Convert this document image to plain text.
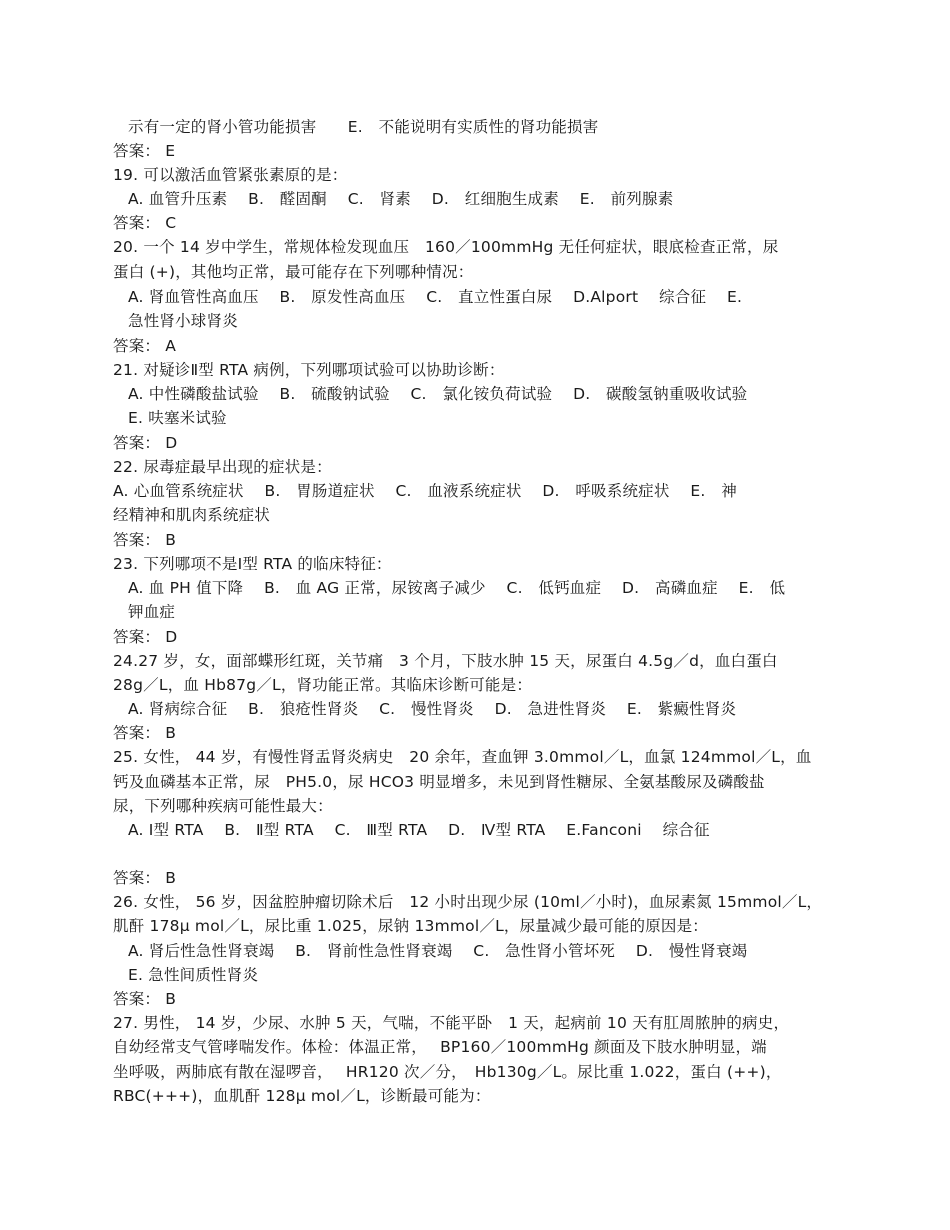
示有一定的肾小管功能损害　　E.　不能说明有实质性的肾功能损害
答案： E
19. 可以激活血管紧张素原的是：
A. 血管升压素　 B.　醛固酮　 C.　肾素　 D.　红细胞生成素　 E.　前列腺素
答案： C
20. 一个 14 岁中学生，常规体检发现血压　160／100mmHg 无任何症状，眼底检查正常，尿
蛋白 (+)，其他均正常，最可能存在下列哪种情况：
A. 肾血管性高血压　 B.　原发性高血压　 C.　直立性蛋白尿　 D.Alport　 综合征　 E.
急性肾小球肾炎
答案： A
21. 对疑诊Ⅱ型 RTA 病例，下列哪项试验可以协助诊断：
A. 中性磷酸盐试验　 B.　硫酸钠试验　 C.　氯化铵负荷试验　 D.　碳酸氢钠重吸收试验
E. 呋塞米试验
答案： D
22. 尿毒症最早出现的症状是：
A. 心血管系统症状　 B.　胃肠道症状　 C.　血液系统症状　 D.　呼吸系统症状　 E.　神
经精神和肌肉系统症状
答案： B
23. 下列哪项不是Ⅰ型 RTA 的临床特征：
A. 血 PH 值下降　 B.　血 AG 正常，尿铵离子减少　 C.　低钙血症　 D.　高磷血症　 E.　低
钾血症
答案： D
24.27 岁，女，面部蝶形红斑，关节痛　3 个月，下肢水肿 15 天，尿蛋白 4.5g／d，血白蛋白
28g／L，血 Hb87g／L，肾功能正常。其临床诊断可能是：
A. 肾病综合征　 B.　狼疮性肾炎　 C.　慢性肾炎　 D.　急进性肾炎　 E.　紫癜性肾炎
答案： B
25. 女性， 44 岁，有慢性肾盂肾炎病史　20 余年，查血钾 3.0mmol／L，血氯 124mmol／L，血
钙及血磷基本正常，尿　PH5.0，尿 HCO3 明显增多，未见到肾性糖尿、全氨基酸尿及磷酸盐
尿，下列哪种疾病可能性最大：
A. Ⅰ型 RTA　 B.　Ⅱ型 RTA　 C.　Ⅲ型 RTA　 D.　Ⅳ型 RTA　 E.Fanconi　 综合征
答案： B
26. 女性， 56 岁，因盆腔肿瘤切除术后　12 小时出现少尿 (10ml／小时)，血尿素氮 15mmol／L，
肌酐 178μ mol／L，尿比重 1.025，尿钠 13mmol／L，尿量减少最可能的原因是：
A. 肾后性急性肾衰竭　 B.　肾前性急性肾衰竭　 C.　急性肾小管坏死　 D.　慢性肾衰竭
E. 急性间质性肾炎
答案： B
27. 男性， 14 岁，少尿、水肿 5 天，气喘，不能平卧　1 天，起病前 10 天有肛周脓肿的病史，
自幼经常支气管哮喘发作。体检：体温正常，　 BP160／100mmHg 颜面及下肢水肿明显，端
坐呼吸，两肺底有散在湿啰音，　 HR120 次／分，　Hb130g／L。尿比重 1.022，蛋白 (++)，
RBC(+++)，血肌酐 128μ mol／L，诊断最可能为：
